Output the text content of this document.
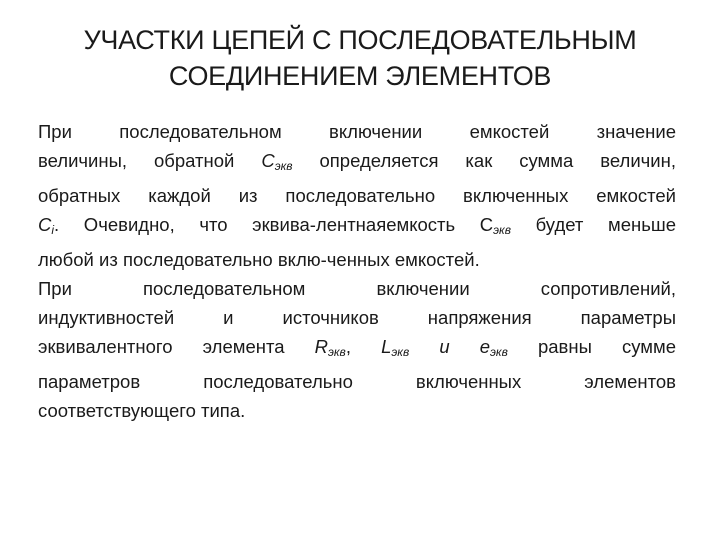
УЧАСТКИ ЦЕПЕЙ С ПОСЛЕДОВАТЕЛЬНЫМ
СОЕДИНЕНИЕМ ЭЛЕМЕНТОВ
При последовательном включении емкостей значение
величины, обратной $C_{экв}$ определяется как сумма величин,
обратных каждой из последовательно включенных емкостей
$C_i$. Очевидно, что эквива-лентнаяемкость $С_{экв}$ будет меньше
любой из последовательно вклю-ченных емкостей.
При последовательном включении сопротивлений,
индуктивностей и источников напряжения параметры
эквивалентного элемента $R_{экв}$, $L_{экв}$ и $e_{экв}$ равны сумме
параметров последовательно включенных элементов
соответствующего типа.
